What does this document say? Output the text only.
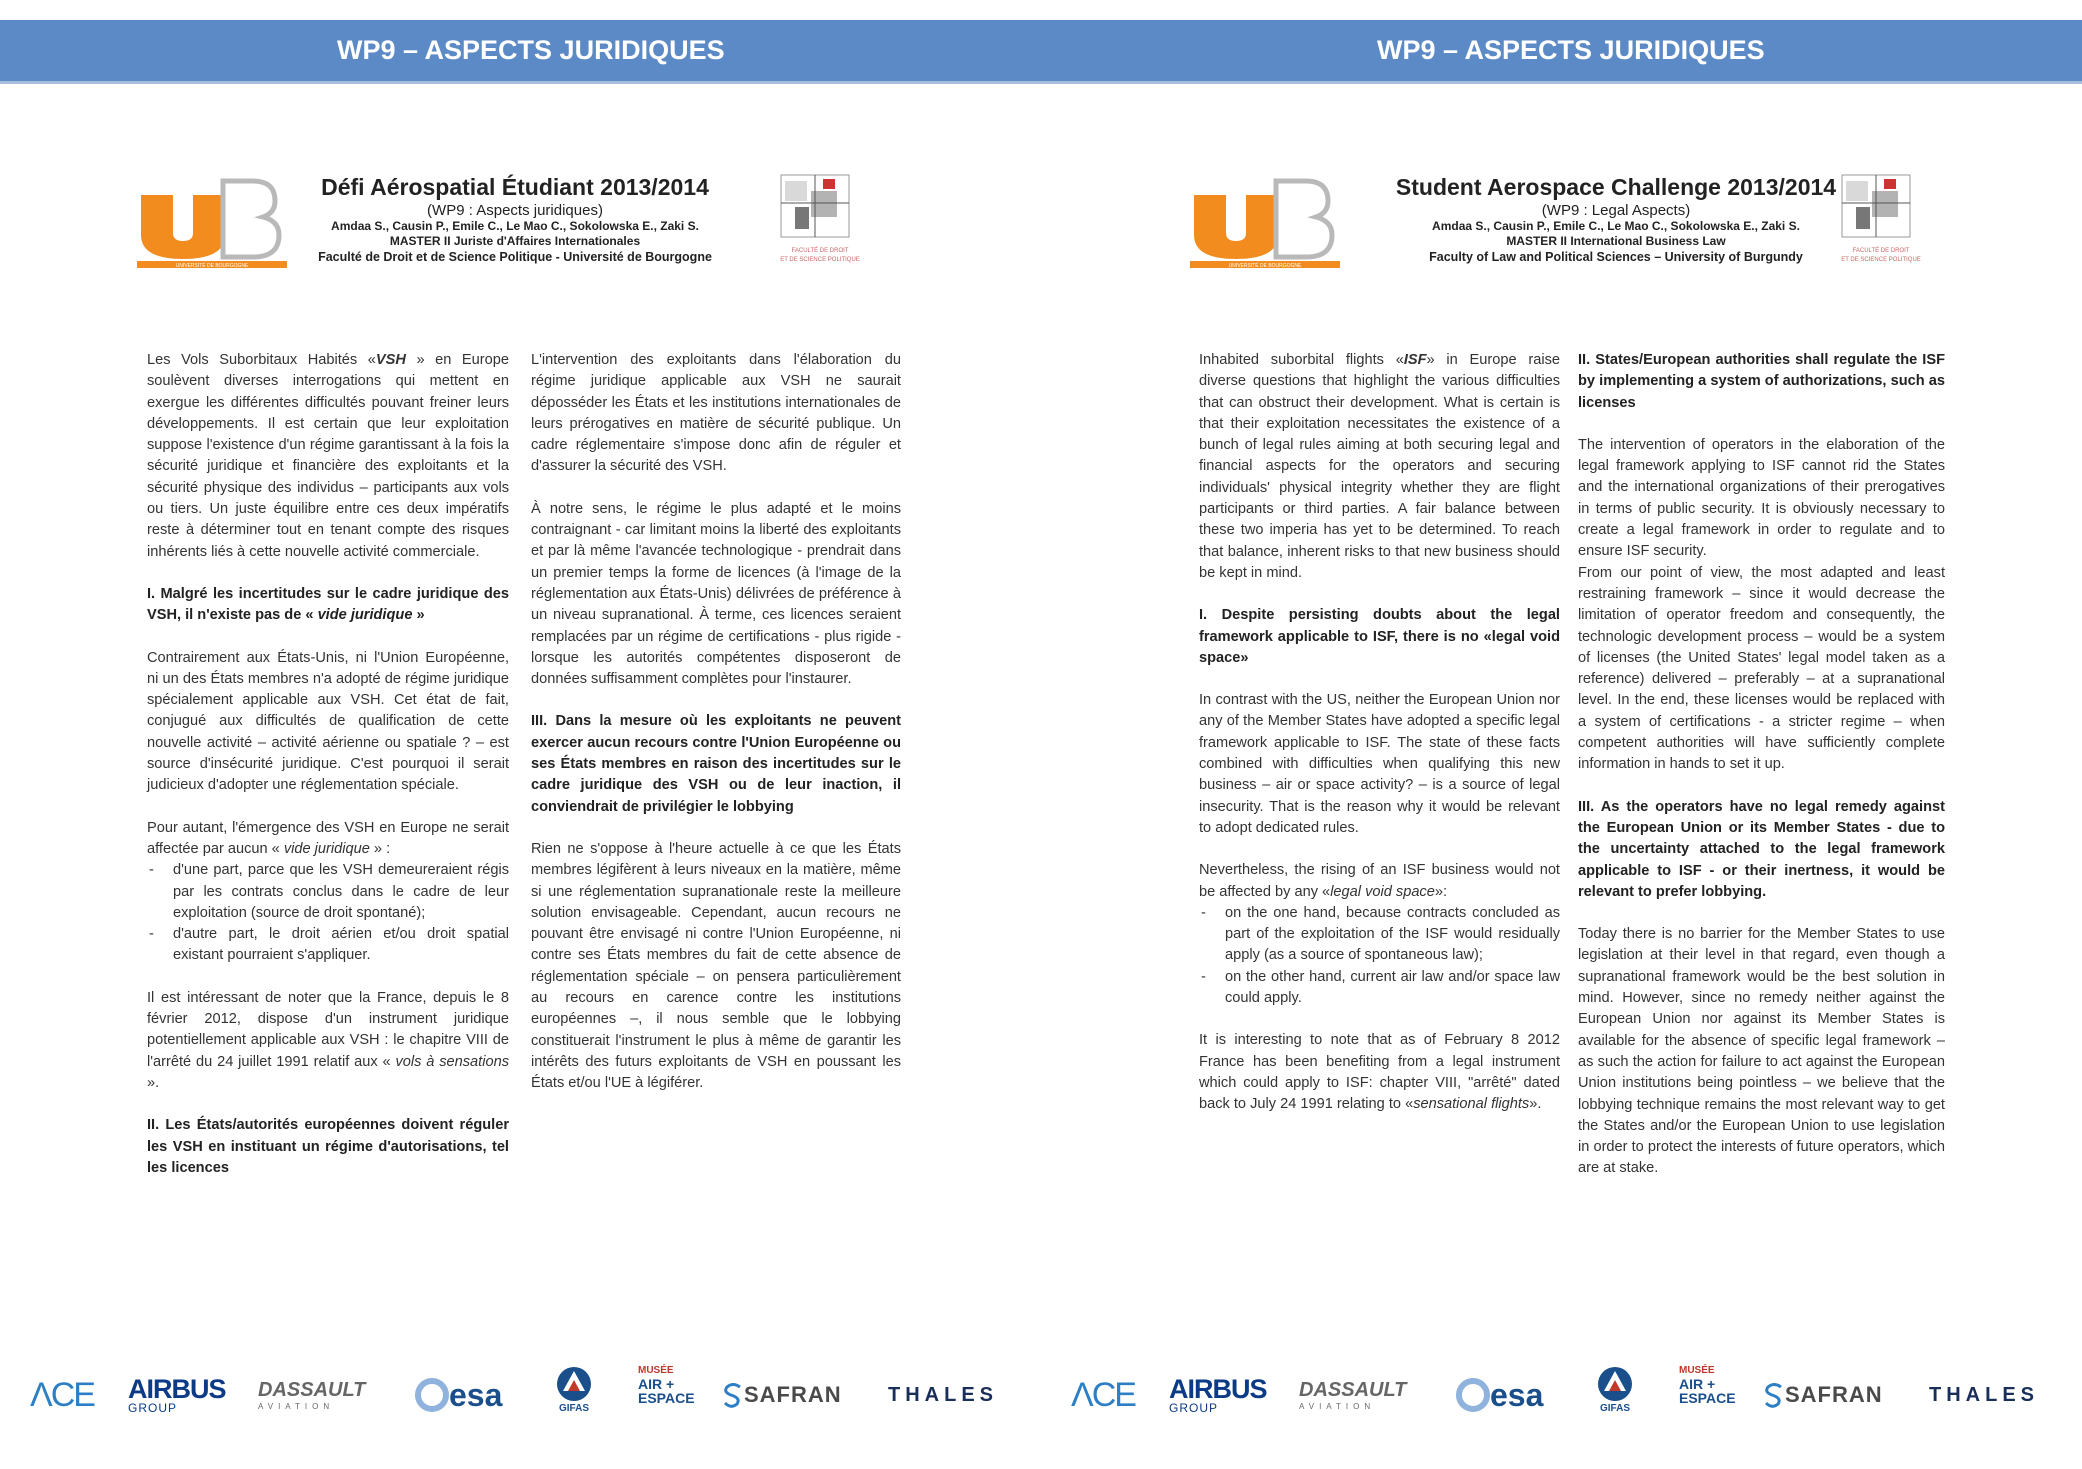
WP9 – ASPECTS JURIDIQUES
UNIVERSITÉ DE BOURGOGNE
Défi Aérospatial Étudiant 2013/2014
(WP9 : Aspects juridiques)
Amdaa S., Causin P., Emile C., Le Mao C., Sokolowska E., Zaki S.
MASTER II Juriste d'Affaires Internationales
Faculté de Droit et de Science Politique - Université de Bourgogne	FACULTÉ DE DROIT
ET DE SCIENCE POLITIQUE

Les Vols Suborbitaux Habités «VSH » en Europe soulèvent diverses interrogations qui mettent en exergue les différentes difficultés pouvant freiner leurs développements. Il est certain que leur exploitation suppose l'existence d'un régime garantissant à la fois la sécurité juridique et financière des exploitants et la sécurité physique des individus – participants aux vols ou tiers. Un juste équilibre entre ces deux impératifs reste à déterminer tout en tenant compte des risques inhérents liés à cette nouvelle activité commerciale.

I. Malgré les incertitudes sur le cadre juridique des VSH, il n'existe pas de « vide juridique »

Contrairement aux États-Unis, ni l'Union Européenne, ni un des États membres n'a adopté de régime juridique spécialement applicable aux VSH. Cet état de fait, conjugué aux difficultés de qualification de cette nouvelle activité – activité aérienne ou spatiale ? – est source d'insécurité juridique. C'est pourquoi il serait judicieux d'adopter une réglementation spéciale.

Pour autant, l'émergence des VSH en Europe ne serait affectée par aucun « vide juridique » :

- d'une part, parce que les VSH demeureraient régis par les contrats conclus dans le cadre de leur exploitation (source de droit spontané);
- d'autre part, le droit aérien et/ou droit spatial existant pourraient s'appliquer.

Il est intéressant de noter que la France, depuis le 8 février 2012, dispose d'un instrument juridique potentiellement applicable aux VSH : le chapitre VIII de l'arrêté du 24 juillet 1991 relatif aux « vols à sensations ».

II. Les États/autorités européennes doivent réguler les VSH en instituant un régime d'autorisations, tel les licences

L'intervention des exploitants dans l'élaboration du régime juridique applicable aux VSH ne saurait déposséder les États et les institutions internationales de leurs prérogatives en matière de sécurité publique. Un cadre réglementaire s'impose donc afin de réguler et d'assurer la sécurité des VSH.

À notre sens, le régime le plus adapté et le moins contraignant - car limitant moins la liberté des exploitants et par là même l'avancée technologique - prendrait dans un premier temps la forme de licences (à l'image de la réglementation aux États-Unis) délivrées de préférence à un niveau supranational. À terme, ces licences seraient remplacées par un régime de certifications - plus rigide - lorsque les autorités compétentes disposeront de données suffisamment complètes pour l'instaurer.

III. Dans la mesure où les exploitants ne peuvent exercer aucun recours contre l'Union Européenne ou ses États membres en raison des incertitudes sur le cadre juridique des VSH ou de leur inaction, il conviendrait de privilégier le lobbying

Rien ne s'oppose à l'heure actuelle à ce que les États membres légifèrent à leurs niveaux en la matière, même si une réglementation supranationale reste la meilleure solution envisageable. Cependant, aucun recours ne pouvant être envisagé ni contre l'Union Européenne, ni contre ses États membres du fait de cette absence de réglementation spéciale – on pensera particulièrement au recours en carence contre les institutions européennes –, il nous semble que le lobbying constituerait l'instrument le plus à même de garantir les intérêts des futurs exploitants de VSH en poussant les États et/ou l'UE à légiférer.

ΛCE AIRBUS
GROUP
DASSAULT
AVIATION	esa	GIFAS
MUSÉE
AIR +
ESPACE SAFRAN THALES
WP9 – ASPECTS JURIDIQUES
UNIVERSITÉ DE BOURGOGNE
Student Aerospace Challenge 2013/2014
(WP9 : Legal Aspects)
Amdaa S., Causin P., Emile C., Le Mao C., Sokolowska E., Zaki S.
MASTER II International Business Law
Faculty of Law and Political Sciences – University of Burgundy	FACULTÉ DE DROIT
ET DE SCIENCE POLITIQUE

Inhabited suborbital flights «ISF» in Europe raise diverse questions that highlight the various difficulties that can obstruct their development. What is certain is that their exploitation necessitates the existence of a bunch of legal rules aiming at both securing legal and financial aspects for the operators and securing individuals' physical integrity whether they are flight participants or third parties. A fair balance between these two imperia has yet to be determined. To reach that balance, inherent risks to that new business should be kept in mind.

I. Despite persisting doubts about the legal framework applicable to ISF, there is no «legal void space»

In contrast with the US, neither the European Union nor any of the Member States have adopted a specific legal framework applicable to ISF. The state of these facts combined with difficulties when qualifying this new business – air or space activity? – is a source of legal insecurity. That is the reason why it would be relevant to adopt dedicated rules.

Nevertheless, the rising of an ISF business would not be affected by any «legal void space»:

- on the one hand, because contracts concluded as part of the exploitation of the ISF would residually apply (as a source of spontaneous law);
- on the other hand, current air law and/or space law could apply.

It is interesting to note that as of February 8 2012 France has been benefiting from a legal instrument which could apply to ISF: chapter VIII, "arrêté" dated back to July 24 1991 relating to «sensational flights».

II. States/European authorities shall regulate the ISF by implementing a system of authorizations, such as licenses

The intervention of operators in the elaboration of the legal framework applying to ISF cannot rid the States and the international organizations of their prerogatives in terms of public security. It is obviously necessary to create a legal framework in order to regulate and to ensure ISF security.

From our point of view, the most adapted and least restraining framework – since it would decrease the limitation of operator freedom and consequently, the technologic development process – would be a system of licenses (the United States' legal model taken as a reference) delivered – preferably – at a supranational level. In the end, these licenses would be replaced with a system of certifications - a stricter regime – when competent authorities will have sufficiently complete information in hands to set it up.

III. As the operators have no legal remedy against the European Union or its Member States - due to the uncertainty attached to the legal framework applicable to ISF - or their inertness, it would be relevant to prefer lobbying.

Today there is no barrier for the Member States to use legislation at their level in that regard, even though a supranational framework would be the best solution in mind. However, since no remedy neither against the European Union nor against its Member States is available for the absence of specific legal framework – as such the action for failure to act against the European Union institutions being pointless – we believe that the lobbying technique remains the most relevant way to get the States and/or the European Union to use legislation in order to protect the interests of future operators, which are at stake.

ΛCE AIRBUS
GROUP
DASSAULT
AVIATION	esa	GIFAS
MUSÉE
AIR +
ESPACE SAFRAN THALES
